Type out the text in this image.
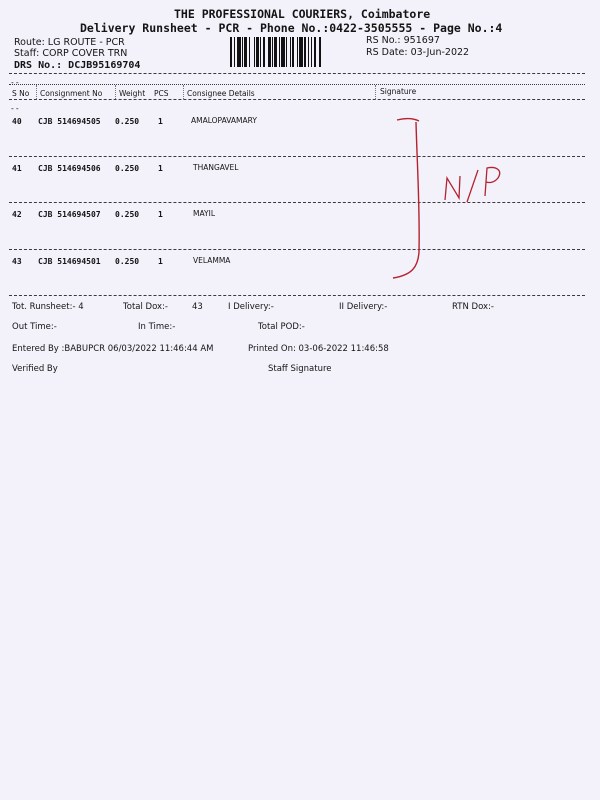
THE PROFESSIONAL COURIERS, Coimbatore
Delivery Runsheet - PCR - Phone No.:0422-3505555 - Page No.:4
Route: LG ROUTE - PCR
Staff: CORP COVER TRN
DRS No.: DCJB95169704
RS No.: 951697
RS Date: 03-Jun-2022
--
S No Consignment No Weight PCS Consignee Details	Signature
--
40 CJB 514694505 0.250 1	AMALOPAVAMARY
41 CJB 514694506 0.250 1	THANGAVEL
42 CJB 514694507 0.250 1	MAYIL
43 CJB 514694501 0.250 1	VELAMMA
Tot. Runsheet:- 4	Total Dox:-	43	I Delivery:-	II Delivery:-	RTN Dox:-
Out Time:-	In Time:-	Total POD:-
Entered By :BABUPCR 06/03/2022 11:46:44 AM	Printed On: 03-06-2022 11:46:58
Verified By	Staff Signature
